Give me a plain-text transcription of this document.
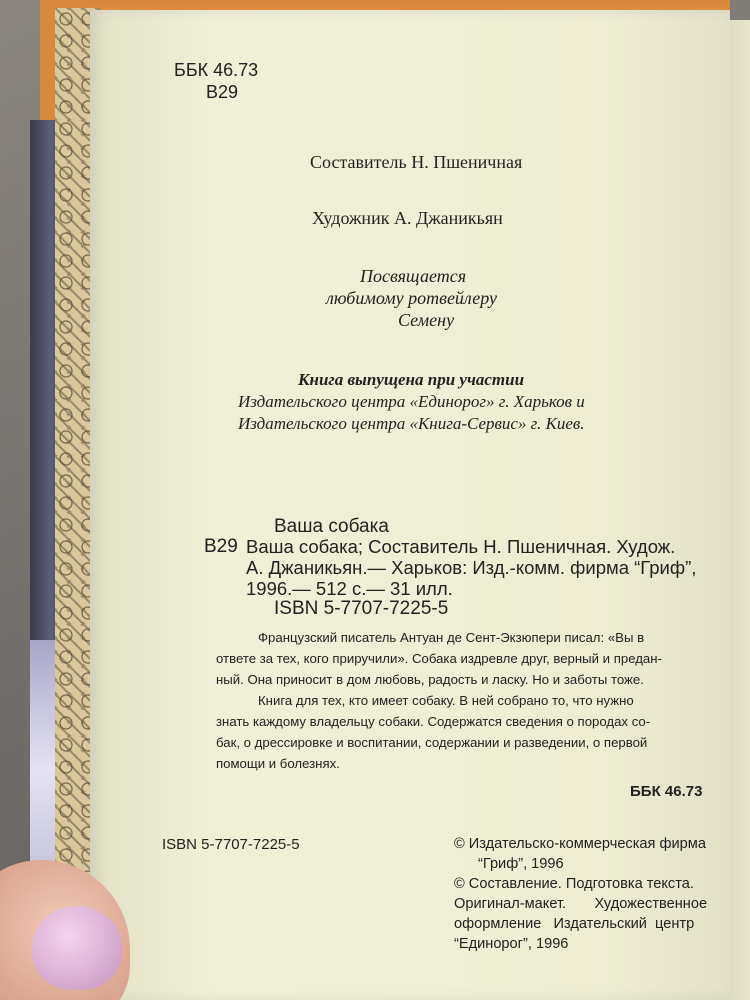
ББК 46.73
В29
Составитель Н. Пшеничная
Художник А. Джаникьян
Посвящается
любимому ротвейлеру
Семену
Книга выпущена при участии
Издательского центра «Единорог» г. Харьков и
Издательского центра «Книга-Сервис» г. Киев.
Ваша собака
В29 Ваша собака; Составитель Н. Пшеничная. Худож.
А. Джаникьян.— Харьков: Изд.-комм. фирма “Гриф”,
1996.— 512 с.— 31 илл.
ISBN 5-7707-7225-5
Французский писатель Антуан де Сент-Экзюпери писал: «Вы в
ответе за тех, кого приручили». Собака издревле друг, верный и предан-
ный. Она приносит в дом любовь, радость и ласку. Но и заботы тоже.
Книга для тех, кто имеет собаку. В ней собрано то, что нужно
знать каждому владельцу собаки. Содержатся сведения о породах со-
бак, о дрессировке и воспитании, содержании и разведении, о первой
помощи и болезнях.
ББК 46.73
ISBN 5-7707-7225-5	© Издательско-коммерческая фирма
“Гриф”, 1996
© Составление. Подготовка текста.
Оригинал-макет.       Художественное
оформление   Издательский  центр
“Единорог”, 1996
